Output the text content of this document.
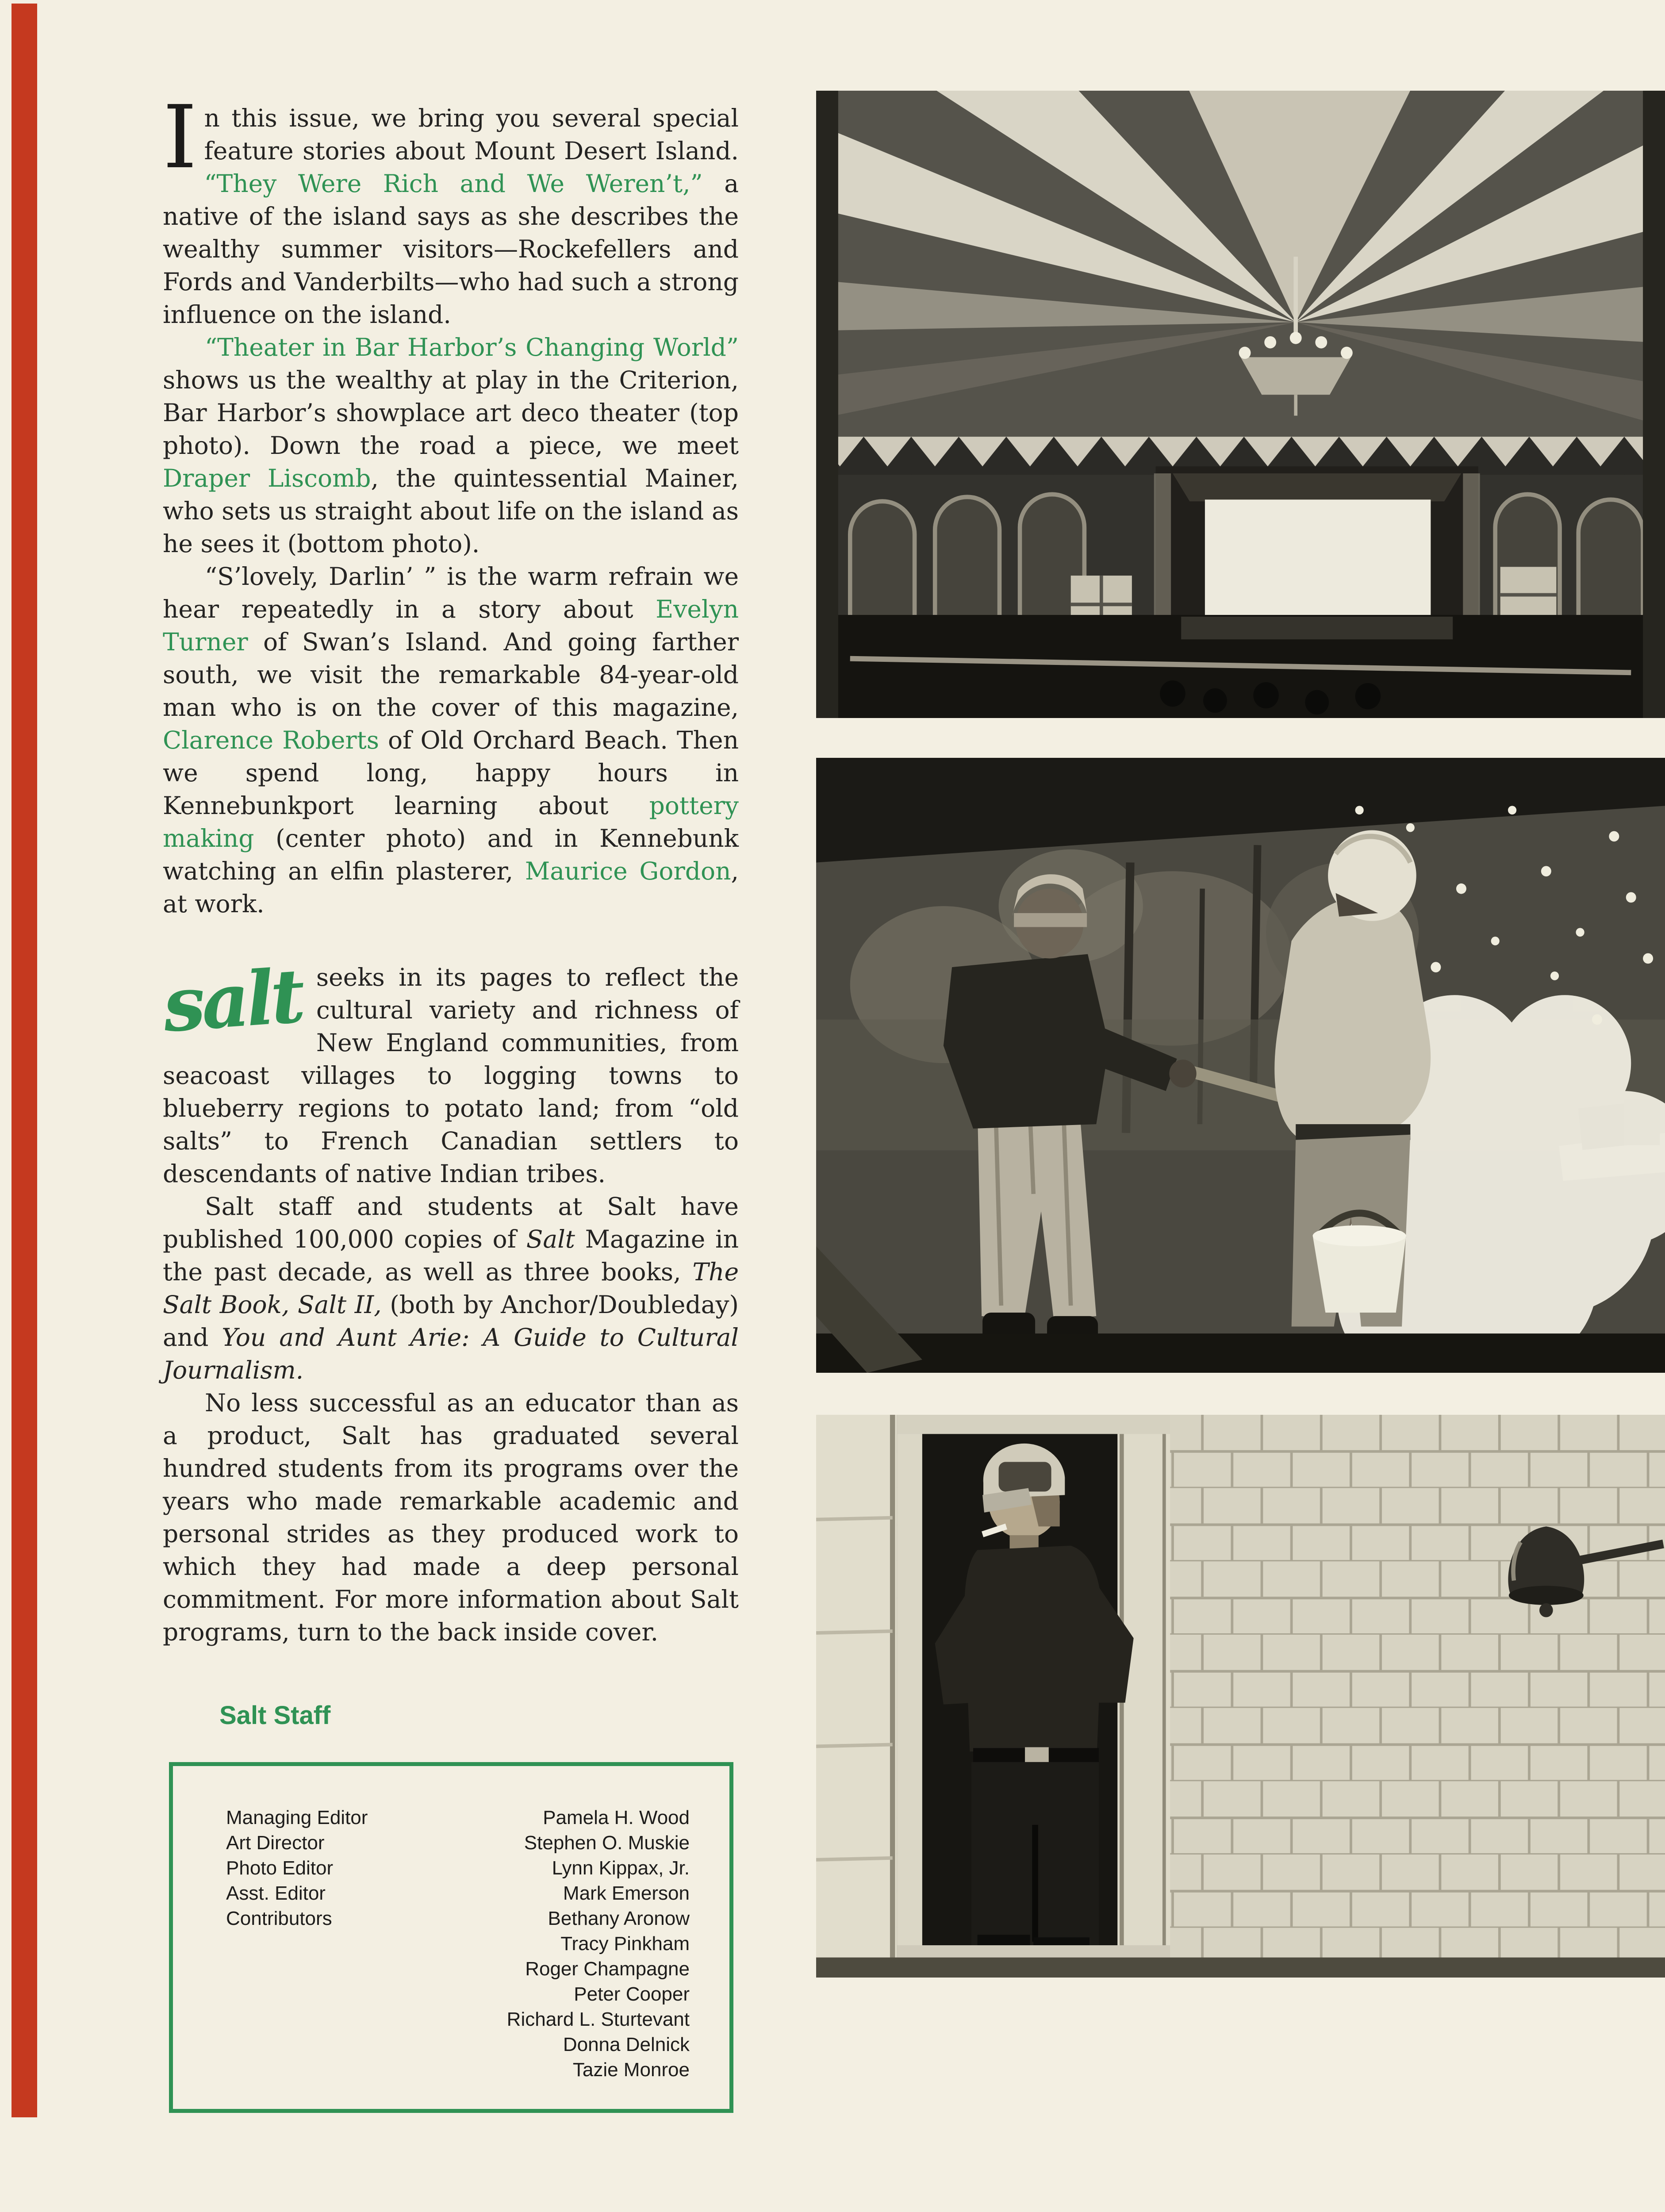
In this issue, we bring you several special feature stories about Mount Desert Island. “They Were Rich and We Weren’t,” a native of the island says as she describes the wealthy summer visitors—Rockefellers and Fords and Vanderbilts—who had such a strong influence on the island.

“Theater in Bar Harbor’s Changing World” shows us the wealthy at play in the Criterion, Bar Harbor’s showplace art deco theater (top photo). Down the road a piece, we meet Draper Liscomb, the quintessential Mainer, who sets us straight about life on the island as he sees it (bottom photo).

“S’lovely, Darlin’ ” is the warm refrain we hear repeatedly in a story about Evelyn Turner of Swan’s Island. And going farther south, we visit the remarkable 84-year-old man who is on the cover of this magazine, Clarence Roberts of Old Orchard Beach. Then we spend long, happy hours in Kennebunkport learning about pottery making (center photo) and in Kennebunk watching an elfin plasterer, Maurice Gordon, at work.

salt seeks in its pages to reflect the cultural variety and richness of New England communities, from seacoast villages to logging towns to blueberry regions to potato land; from “old salts” to French Canadian settlers to descendants of native Indian tribes.

Salt staff and students at Salt have published 100,000 copies of Salt Magazine in the past decade, as well as three books, The Salt Book, Salt II, (both by Anchor/Doubleday) and You and Aunt Arie: A Guide to Cultural Journalism.

No less successful as an educator than as a product, Salt has graduated several hundred students from its programs over the years who made remarkable academic and personal strides as they produced work to which they had made a deep personal commitment. For more information about Salt programs, turn to the back inside cover.

Salt Staff
Managing Editor	Pamela H. Wood
Art Director	Stephen O. Muskie
Photo Editor	Lynn Kippax, Jr.
Asst. Editor	Mark Emerson
Contributors	Bethany Aronow
Tracy Pinkham
Roger Champagne
Peter Cooper
Richard L. Sturtevant
Donna Delnick
Tazie Monroe
